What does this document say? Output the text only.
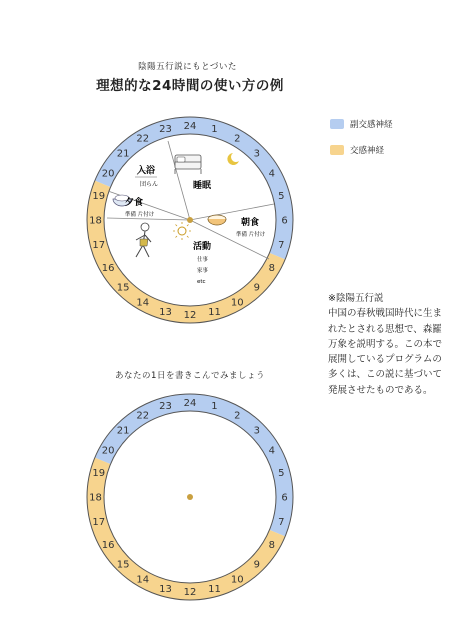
陰陽五行説にもとづいた
理想的な24時間の使い方の例
副交感神経
交感神経
24 1
2
3
4
5
6
7
8
9
10
11
12
13
14
15
16
17
18
19
20
21
22
23
入浴
団らん	睡眠
夕食
準備 片付け
朝食
準備 片付け
活動
仕事
家事
etc
※陰陽五行説
中国の春秋戦国時代に生まれたとされる思想で、森羅万象を説明する。この本で展開しているプログラムの多くは、この説に基づいて発展させたものである。
あなたの1日を書きこんでみましょう
24 1
2
3
4
5
6
7
8
9
10
11
12
13
14
15
16
17
18
19
20
21
22
23
